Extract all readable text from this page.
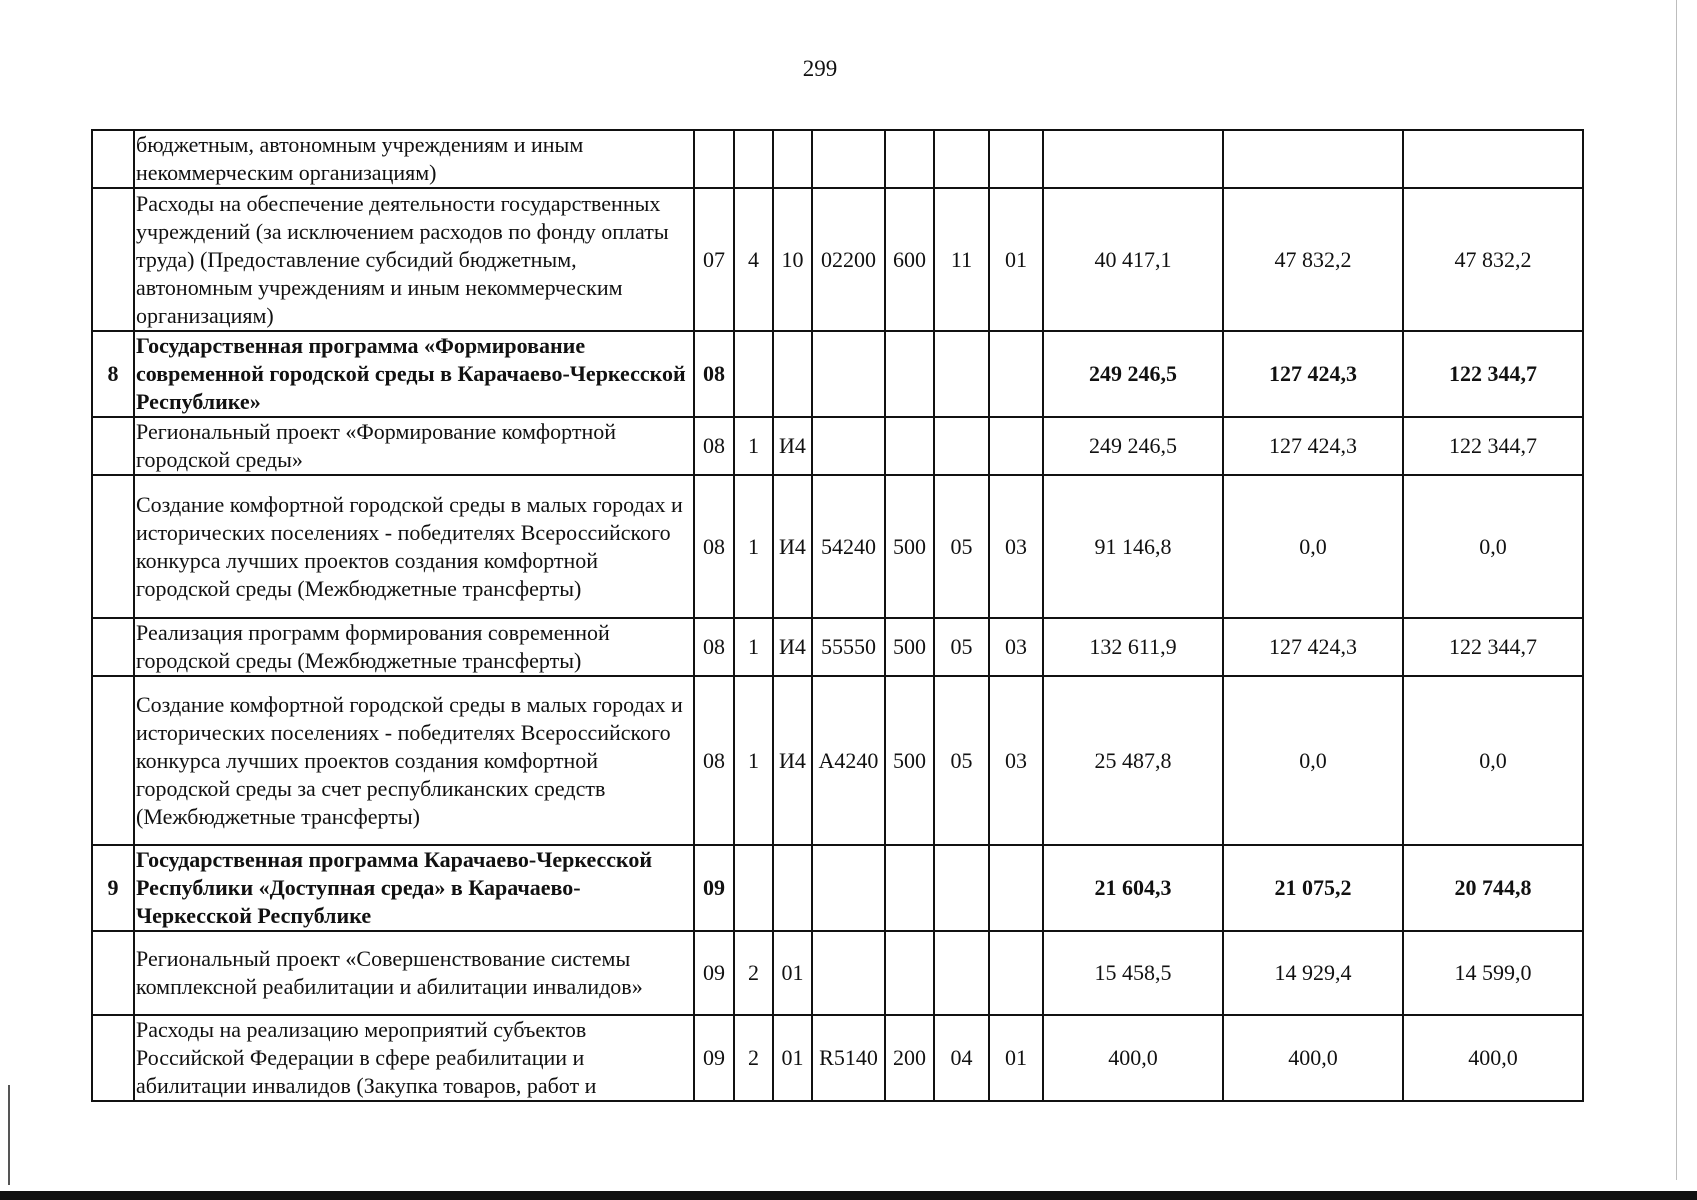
299
	бюджетным, автономным учреждениям и иным некоммерческим организациям)										
	Расходы на обеспечение деятельности государственных учреждений (за исключением расходов по фонду оплаты труда) (Предоставление субсидий бюджетным, автономным учреждениям и иным некоммерческим организациям)	07	4	10	02200	600	11	01	40 417,1	47 832,2	47 832,2
8	Государственная программа «Формирование современной городской среды в Карачаево-Черкесской Республике»	08							249 246,5	127 424,3	122 344,7
	Региональный проект «Формирование комфортной городской среды»	08	1	И4					249 246,5	127 424,3	122 344,7
	Создание комфортной городской среды в малых городах и исторических поселениях - победителях Всероссийского конкурса лучших проектов создания комфортной городской среды (Межбюджетные трансферты)	08	1	И4	54240	500	05	03	91 146,8	0,0	0,0
	Реализация программ формирования современной городской среды (Межбюджетные трансферты)	08	1	И4	55550	500	05	03	132 611,9	127 424,3	122 344,7
	Создание комфортной городской среды в малых городах и исторических поселениях - победителях Всероссийского конкурса лучших проектов создания комфортной городской среды за счет республиканских средств (Межбюджетные трансферты)	08	1	И4	А4240	500	05	03	25 487,8	0,0	0,0
9	Государственная программа Карачаево-Черкесской Республики «Доступная среда» в Карачаево-Черкесской Республике	09							21 604,3	21 075,2	20 744,8
	Региональный проект «Совершенствование системы комплексной реабилитации и абилитации инвалидов»	09	2	01					15 458,5	14 929,4	14 599,0
	Расходы на реализацию мероприятий субъектов Российской Федерации в сфере реабилитации и абилитации инвалидов (Закупка товаров, работ и	09	2	01	R5140	200	04	01	400,0	400,0	400,0
